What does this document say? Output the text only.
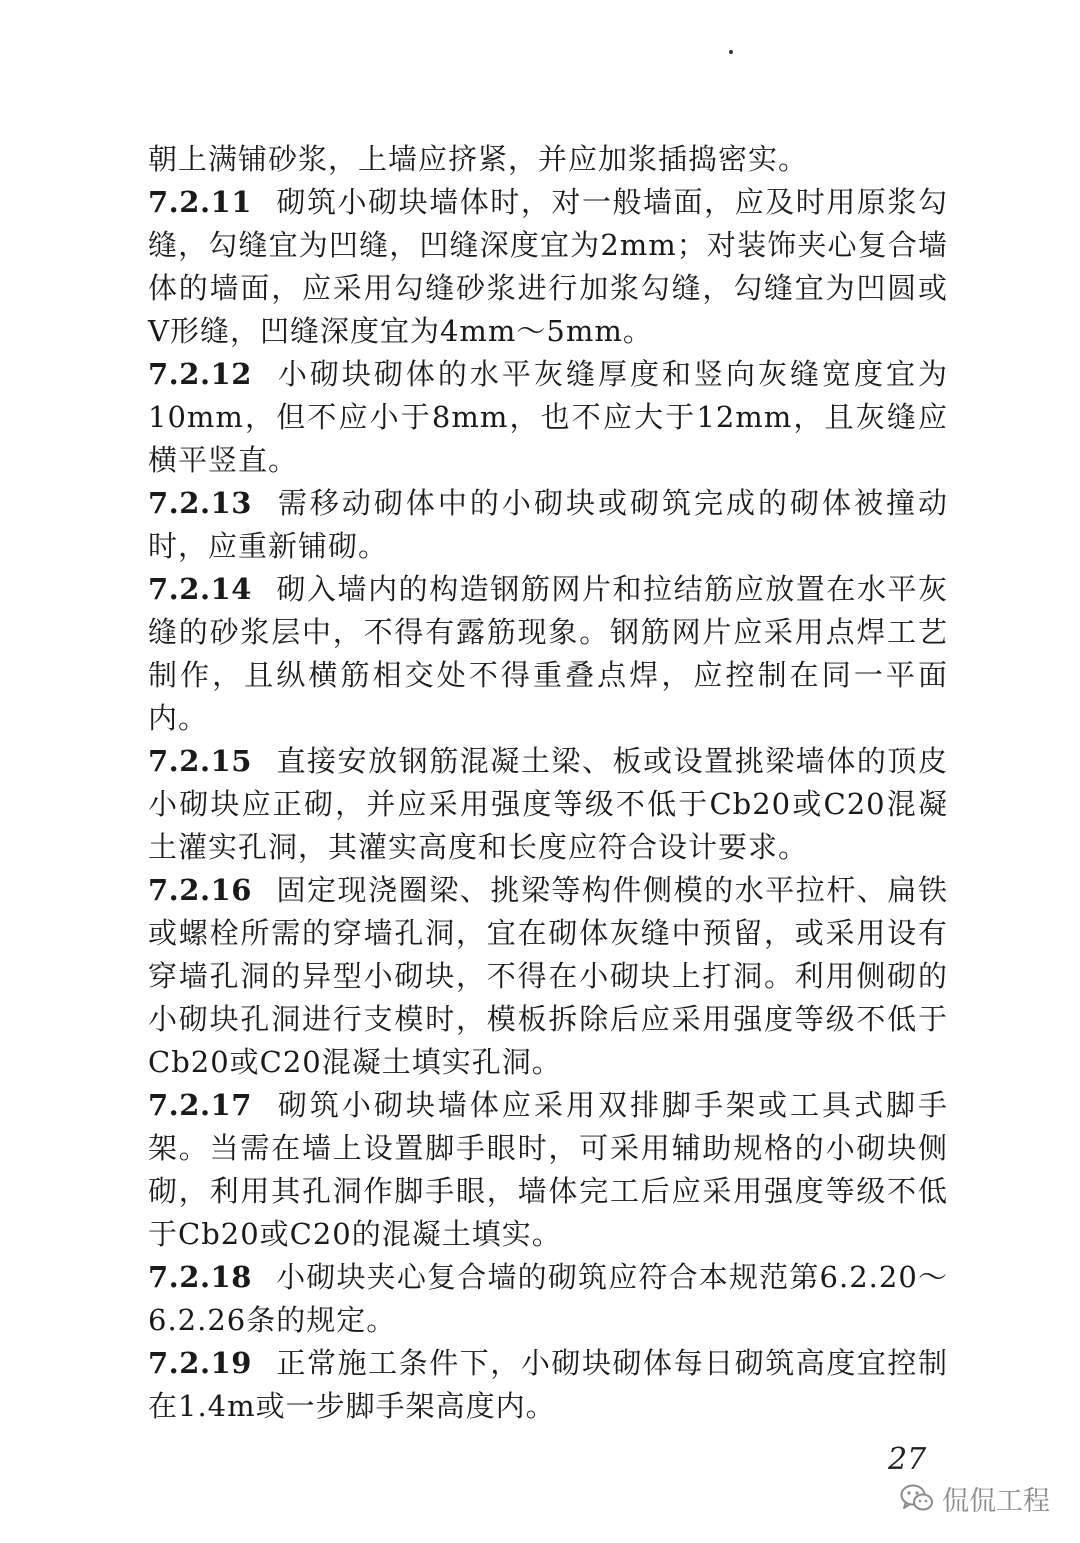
朝上满铺砂浆，上墙应挤紧，并应加浆插捣密实。

7.2.11 砌筑小砌块墙体时，对一般墙面，应及时用原浆勾缝，勾缝宜为凹缝，凹缝深度宜为2mm；对装饰夹心复合墙体的墙面，应采用勾缝砂浆进行加浆勾缝，勾缝宜为凹圆或V形缝，凹缝深度宜为4mm～5mm。

7.2.12 小砌块砌体的水平灰缝厚度和竖向灰缝宽度宜为10mm，但不应小于8mm，也不应大于12mm，且灰缝应横平竖直。

7.2.13 需移动砌体中的小砌块或砌筑完成的砌体被撞动时，应重新铺砌。

7.2.14 砌入墙内的构造钢筋网片和拉结筋应放置在水平灰缝的砂浆层中，不得有露筋现象。钢筋网片应采用点焊工艺制作，且纵横筋相交处不得重叠点焊，应控制在同一平面内。

7.2.15 直接安放钢筋混凝土梁、板或设置挑梁墙体的顶皮小砌块应正砌，并应采用强度等级不低于Cb20或C20混凝土灌实孔洞，其灌实高度和长度应符合设计要求。

7.2.16 固定现浇圈梁、挑梁等构件侧模的水平拉杆、扁铁或螺栓所需的穿墙孔洞，宜在砌体灰缝中预留，或采用设有穿墙孔洞的异型小砌块，不得在小砌块上打洞。利用侧砌的小砌块孔洞进行支模时，模板拆除后应采用强度等级不低于Cb20或C20混凝土填实孔洞。

7.2.17 砌筑小砌块墙体应采用双排脚手架或工具式脚手架。当需在墙上设置脚手眼时，可采用辅助规格的小砌块侧砌，利用其孔洞作脚手眼，墙体完工后应采用强度等级不低于Cb20或C20的混凝土填实。

7.2.18 小砌块夹心复合墙的砌筑应符合本规范第6.2.20～6.2.26条的规定。

7.2.19 正常施工条件下，小砌块砌体每日砌筑高度宜控制在1.4m或一步脚手架高度内。

27
侃侃工程
